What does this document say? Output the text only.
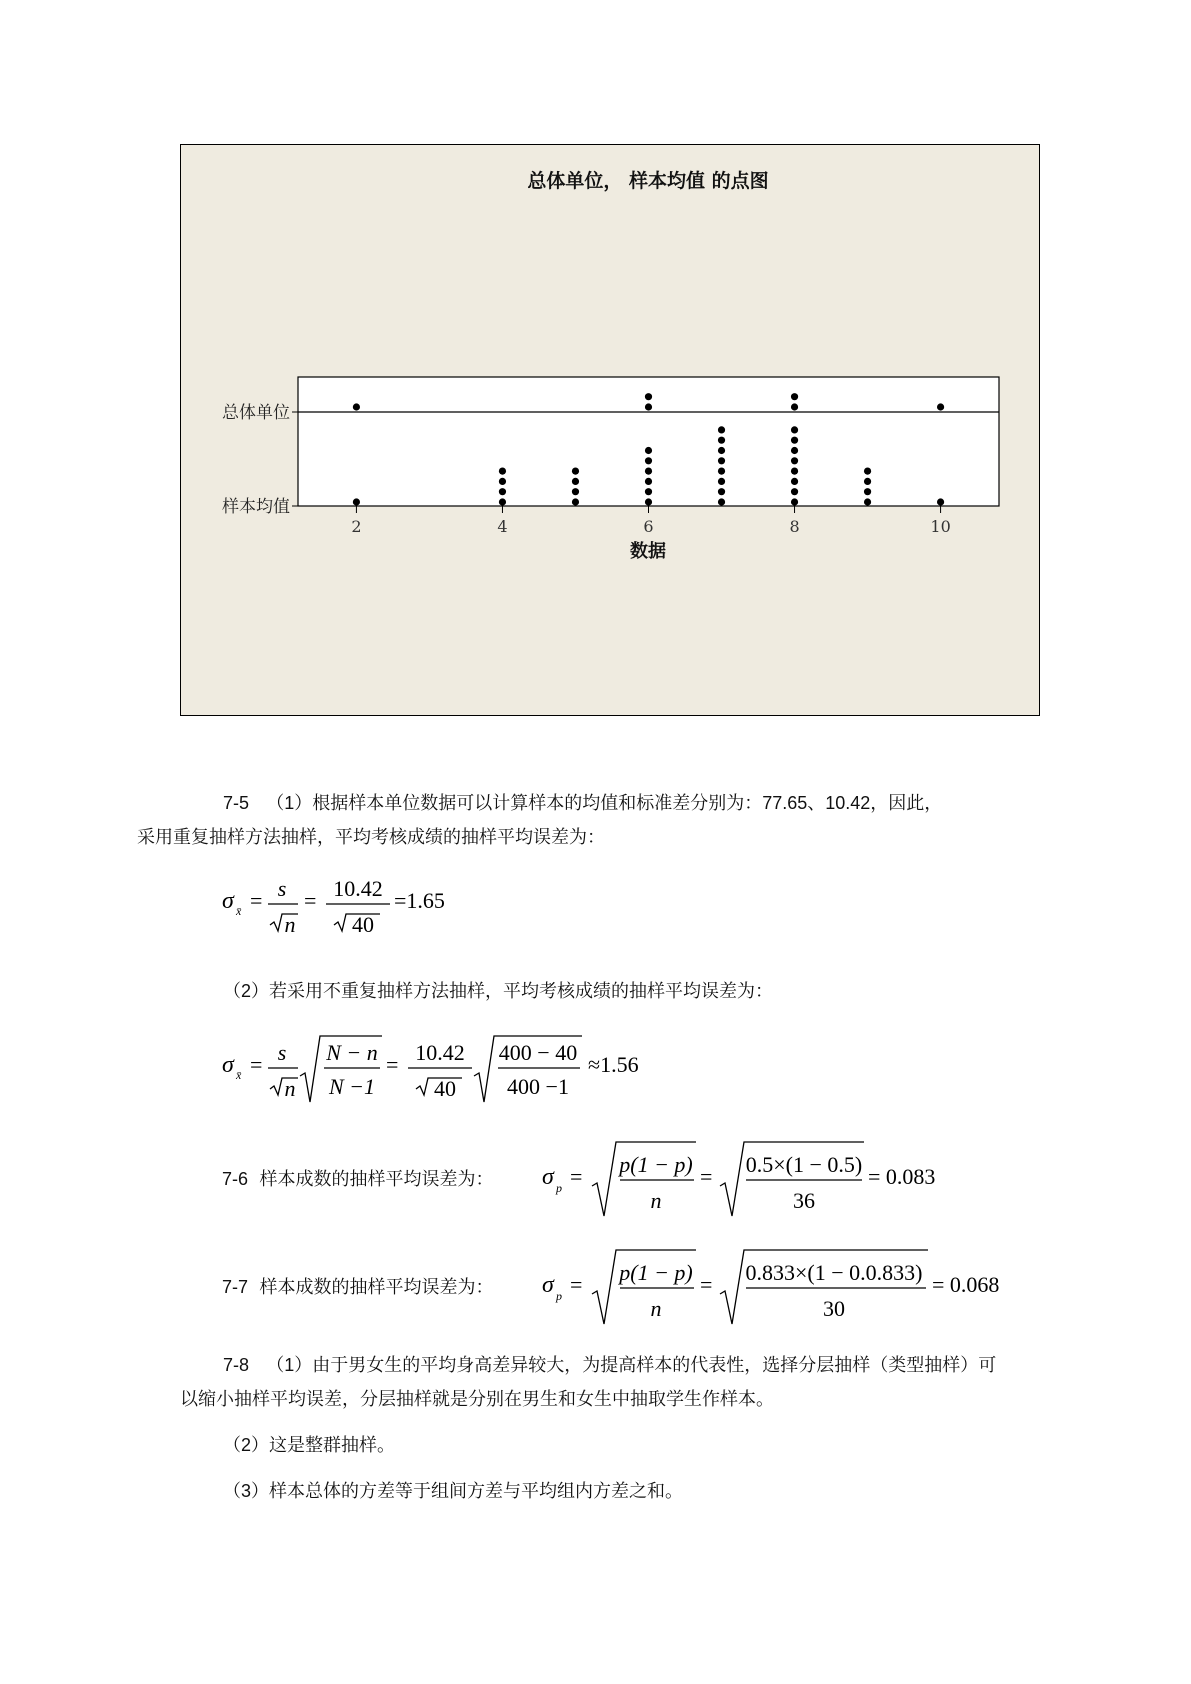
总体单位， 样本均值 的点图
总体单位
样本均值
2	4	6	8	10
数据

7-5 （1）根据样本单位数据可以计算样本的均值和标准差分别为：77.65、10.42，因此，
采用重复抽样方法抽样，平均考核成绩的抽样平均误差为：

σ x̄ = s
n
= 10.42
40
=1.65

（2）若采用不重复抽样方法抽样，平均考核成绩的抽样平均误差为：

σ x̄ = s
n
N − n
N −1
= 10.42
40
400 − 40
400 −1
≈1.56
7-6 样本成数的抽样平均误差为： σ p = p(1 − p)
n
= 0.5×(1 − 0.5)
36
= 0.083
7-7 样本成数的抽样平均误差为： σ p = p(1 − p)
n
= 0.833×(1 − 0.0.833)
30
= 0.068

7-8 （1）由于男女生的平均身高差异较大，为提高样本的代表性，选择分层抽样（类型抽样）可以缩小抽样平均误差，分层抽样就是分别在男生和女生中抽取学生作样本。

（2）这是整群抽样。

（3）样本总体的方差等于组间方差与平均组内方差之和。
